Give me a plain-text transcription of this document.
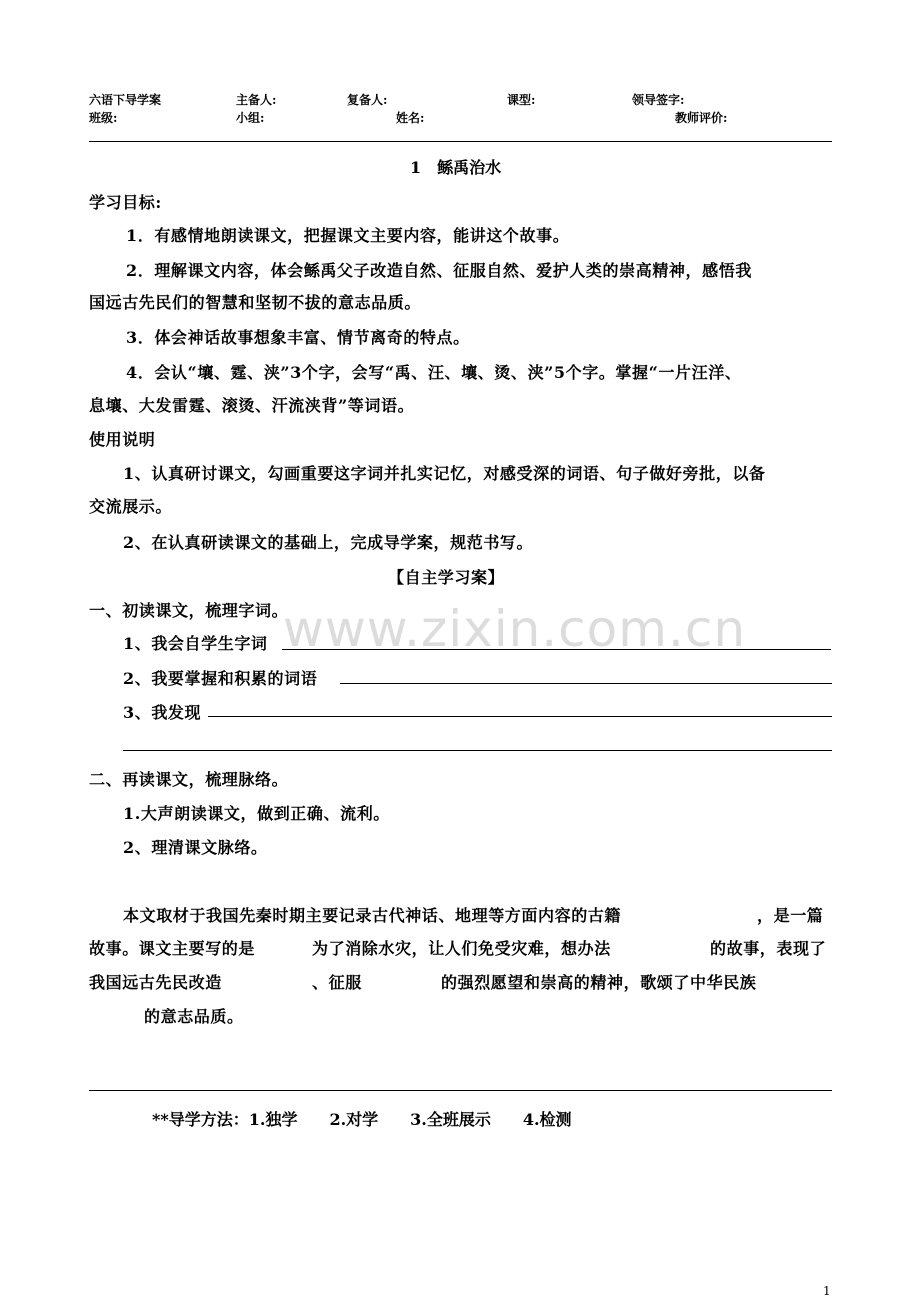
六语下导学案	主备人:	复备人:	课型:	领导签字:
班级:	小组:	姓名:	教师评价:
1　鲧禹治水
学习目标:
1．有感情地朗读课文，把握课文主要内容，能讲这个故事。
2．理解课文内容，体会鲧禹父子改造自然、征服自然、爱护人类的崇高精神，感悟我
国远古先民们的智慧和坚韧不拔的意志品质。
3．体会神话故事想象丰富、情节离奇的特点。
4．会认“壤、霆、浃”3个字，会写“禹、汪、壤、烫、浃”5个字。掌握“一片汪洋、
息壤、大发雷霆、滚烫、汗流浃背”等词语。
使用说明
1、认真研讨课文，勾画重要这字词并扎实记忆，对感受深的词语、句子做好旁批，以备
交流展示。
2、在认真研读课文的基础上，完成导学案，规范书写。
【自主学习案】
一、初读课文，梳理字词。
www.zixin.com.cn
1、我会自学生字词
2、我要掌握和积累的词语
3、我发现
二、再读课文，梳理脉络。
1.大声朗读课文，做到正确、流利。
2、理清课文脉络。
本文取材于我国先秦时期主要记录古代神话、地理等方面内容的古籍	，是一篇
故事。课文主要写的是	为了消除水灾，让人们免受灾难，想办法	的故事，表现了
我国远古先民改造	、征服	的强烈愿望和崇高的精神，歌颂了中华民族
的意志品质。
**导学方法：1.独学　　2.对学　　3.全班展示　　4.检测
1
